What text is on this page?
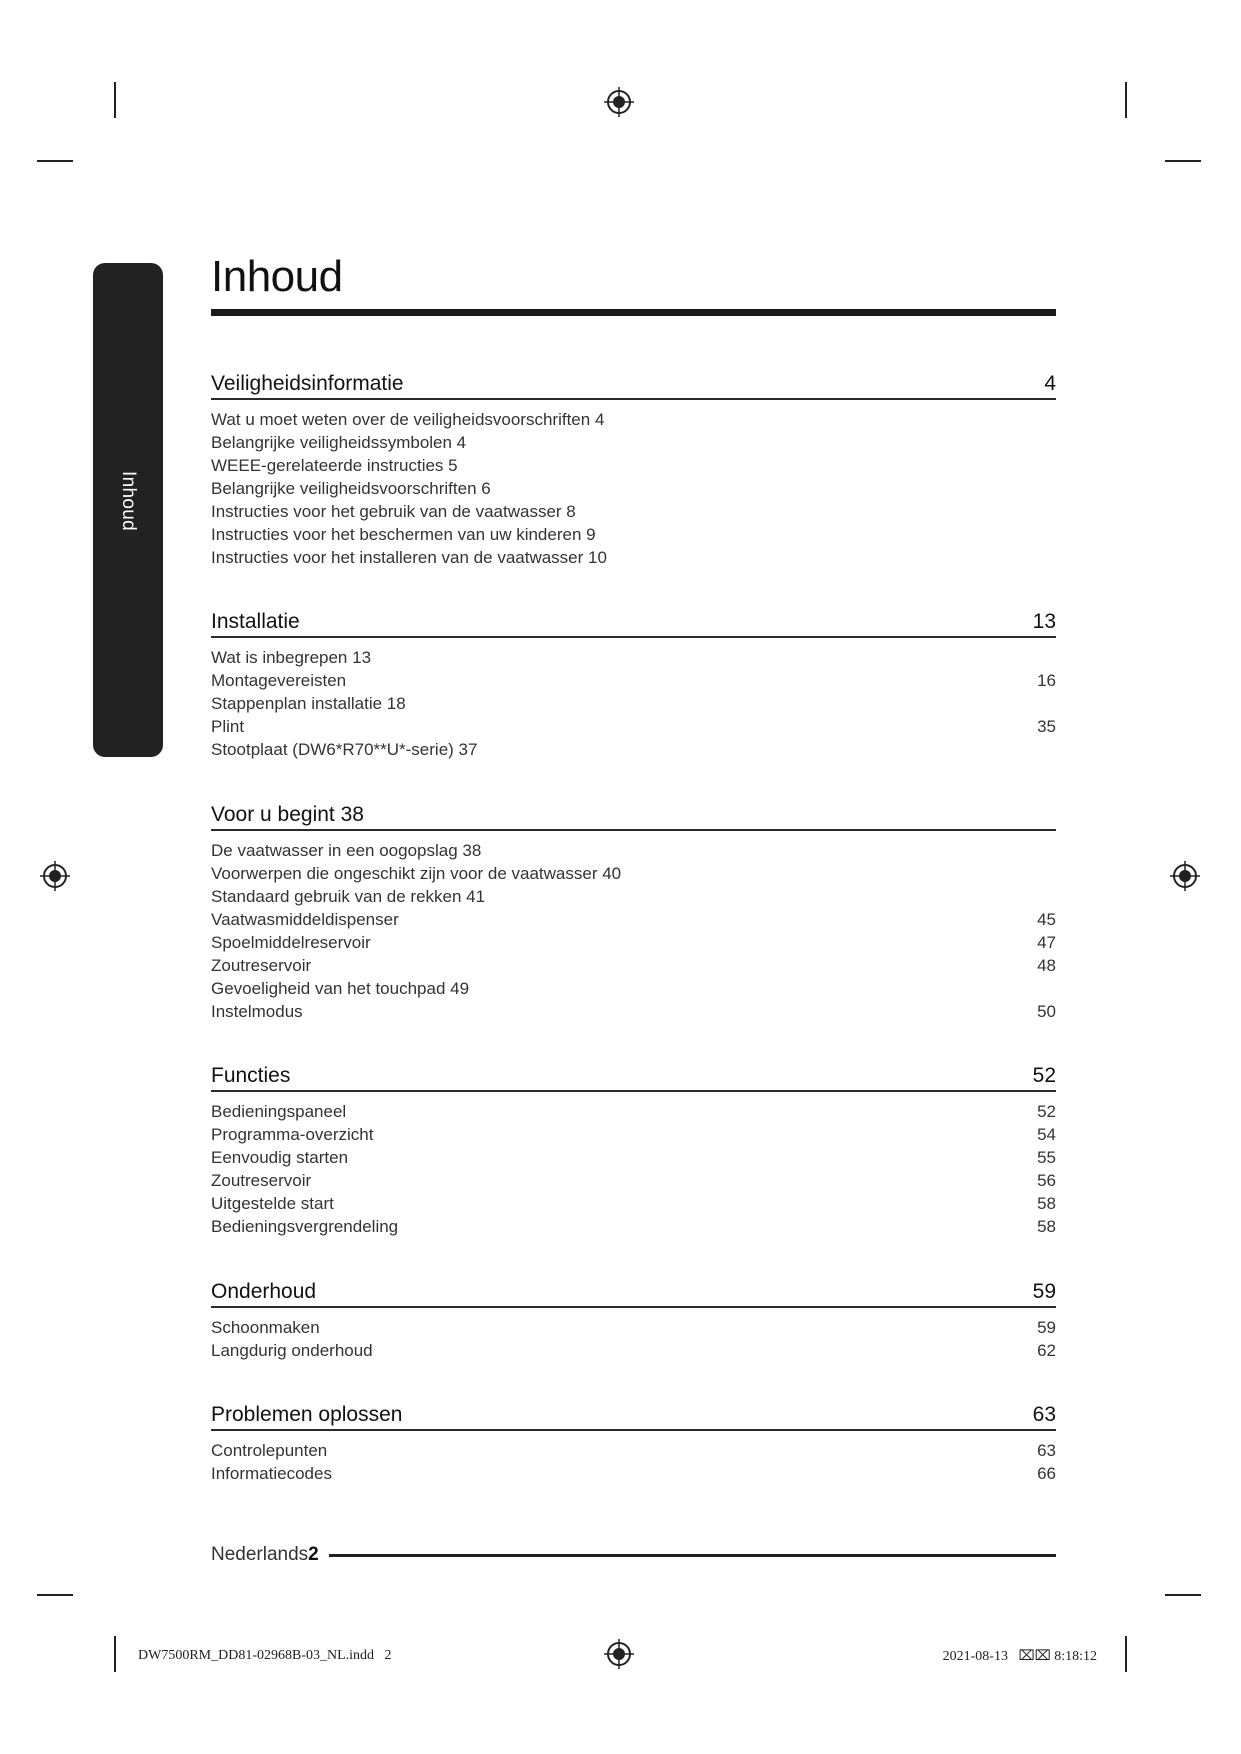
Inhoud
Inhoud
Veiligheidsinformatie	4
Wat u moet weten over de veiligheidsvoorschriften 4
Belangrijke veiligheidssymbolen 4
WEEE-gerelateerde instructies 5
Belangrijke veiligheidsvoorschriften 6
Instructies voor het gebruik van de vaatwasser 8
Instructies voor het beschermen van uw kinderen 9
Instructies voor het installeren van de vaatwasser 10
Installatie	13
Wat is inbegrepen 13
Montagevereisten	16
Stappenplan installatie 18
Plint	35
Stootplaat (DW6*R70**U*-serie) 37
Voor u begint 38
De vaatwasser in een oogopslag 38
Voorwerpen die ongeschikt zijn voor de vaatwasser 40
Standaard gebruik van de rekken 41
Vaatwasmiddeldispenser	45
Spoelmiddelreservoir	47
Zoutreservoir	48
Gevoeligheid van het touchpad 49
Instelmodus	50
Functies	52
Bedieningspaneel	52
Programma-overzicht	54
Eenvoudig starten	55
Zoutreservoir	56
Uitgestelde start	58
Bedieningsvergrendeling	58
Onderhoud	59
Schoonmaken	59
Langdurig onderhoud	62
Problemen oplossen	63
Controlepunten	63
Informatiecodes	66
Nederlands 2
DW7500RM_DD81-02968B-03_NL.indd   2	2021-08-13   ⌧⌧ 8:18:12
